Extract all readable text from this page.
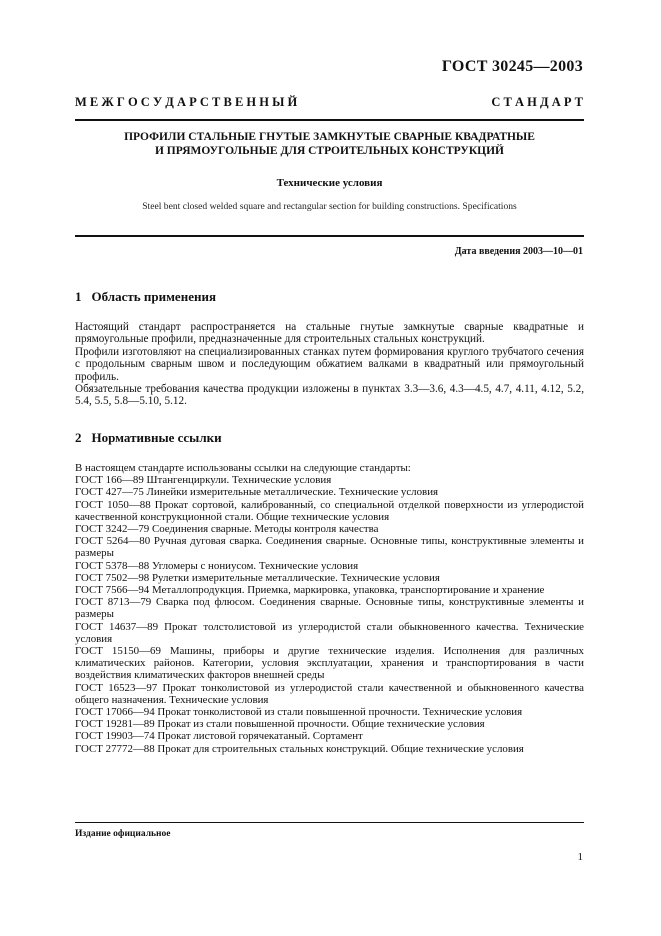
ГОСТ 30245—2003
М Е Ж Г О С У Д А Р С Т В Е Н Н Ы Й	С Т А Н Д А Р Т
ПРОФИЛИ СТАЛЬНЫЕ ГНУТЫЕ ЗАМКНУТЫЕ СВАРНЫЕ КВАДРАТНЫЕ
И ПРЯМОУГОЛЬНЫЕ ДЛЯ СТРОИТЕЛЬНЫХ КОНСТРУКЦИЙ
Технические условия
Steel bent closed welded square and rectangular section for building constructions. Specifications
Дата введения 2003—10—01
1 Область применения

Настоящий стандарт распространяется на стальные гнутые замкнутые сварные квадратные и прямоугольные профили, предназначенные для строительных стальных конструкций.

Профили изготовляют на специализированных станках путем формирования круглого трубчатого сечения с продольным сварным швом и последующим обжатием валками в квадратный или прямоугольный профиль.

Обязательные требования качества продукции изложены в пунктах 3.3—3.6, 4.3—4.5, 4.7, 4.11, 4.12, 5.2, 5.4, 5.5, 5.8—5.10, 5.12.

2 Нормативные ссылки

В настоящем стандарте использованы ссылки на следующие стандарты:

ГОСТ 166—89 Штангенциркули. Технические условия

ГОСТ 427—75 Линейки измерительные металлические. Технические условия

ГОСТ 1050—88 Прокат сортовой, калиброванный, со специальной отделкой поверхности из углеродистой качественной конструкционной стали. Общие технические условия

ГОСТ 3242—79 Соединения сварные. Методы контроля качества

ГОСТ 5264—80 Ручная дуговая сварка. Соединения сварные. Основные типы, конструктивные элементы и размеры

ГОСТ 5378—88 Угломеры с нониусом. Технические условия

ГОСТ 7502—98 Рулетки измерительные металлические. Технические условия

ГОСТ 7566—94 Металлопродукция. Приемка, маркировка, упаковка, транспортирование и хранение

ГОСТ 8713—79 Сварка под флюсом. Соединения сварные. Основные типы, конструктивные элементы и размеры

ГОСТ 14637—89 Прокат толстолистовой из углеродистой стали обыкновенного качества. Технические условия

ГОСТ 15150—69 Машины, приборы и другие технические изделия. Исполнения для различных климатических районов. Категории, условия эксплуатации, хранения и транспортирования в части воздействия климатических факторов внешней среды

ГОСТ 16523—97 Прокат тонколистовой из углеродистой стали качественной и обыкновенного качества общего назначения. Технические условия

ГОСТ 17066—94 Прокат тонколистовой из стали повышенной прочности. Технические условия

ГОСТ 19281—89 Прокат из стали повышенной прочности. Общие технические условия

ГОСТ 19903—74 Прокат листовой горячекатаный. Сортамент

ГОСТ 27772—88 Прокат для строительных стальных конструкций. Общие технические условия

Издание официальное
1
